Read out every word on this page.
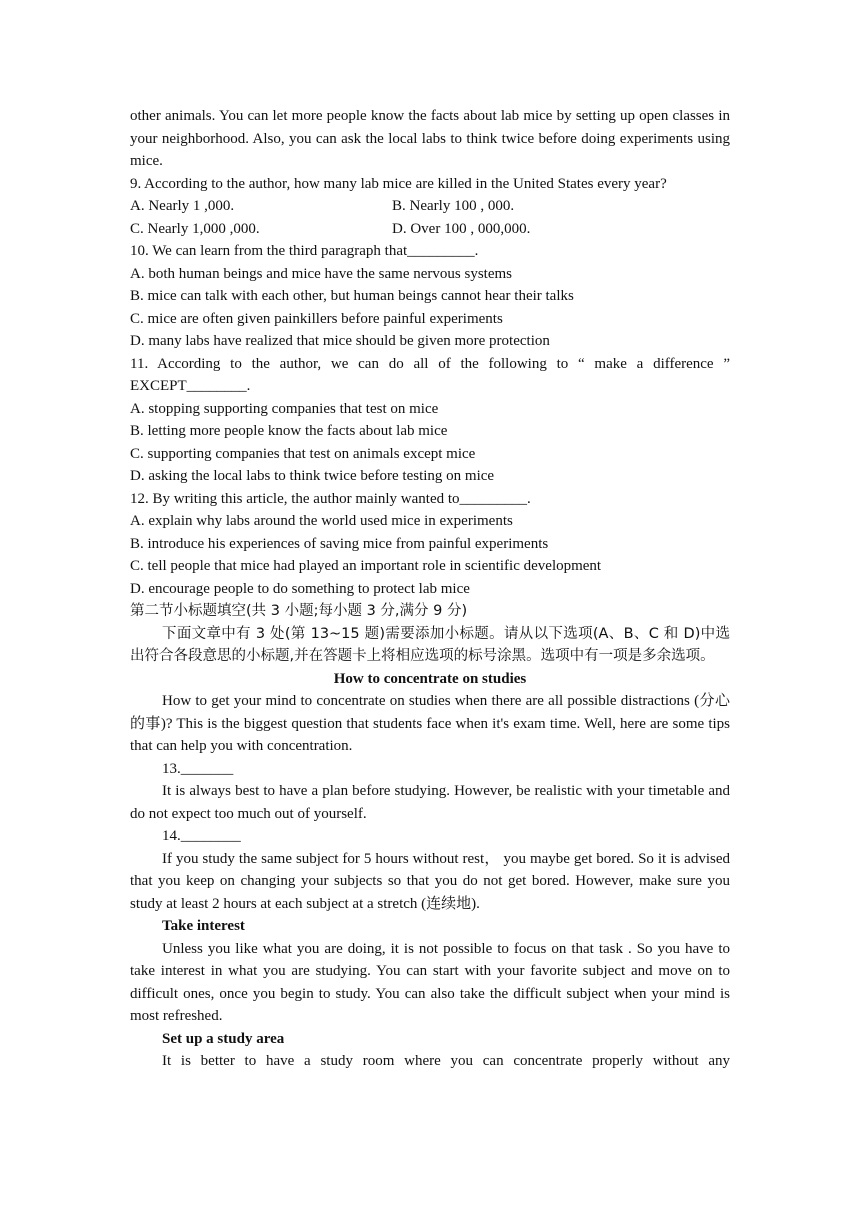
other animals. You can let more people know the facts about lab mice by setting up open classes in your neighborhood. Also, you can ask the local labs to think twice before doing experiments using mice.
9. According to the author, how many lab mice are killed in the United States every year?
A. Nearly 1 ,000.	B. Nearly 100 , 000.
C. Nearly 1,000 ,000.	D. Over 100 , 000,000.
10. We can learn from the third paragraph that_________.
A. both human beings and mice have the same nervous systems
B. mice can talk with each other, but human beings cannot hear their talks
C. mice are often given painkillers before painful experiments
D. many labs have realized that mice should be given more protection
11. According to the author, we can do all of the following to “ make a difference ” EXCEPT________.
A. stopping supporting companies that test on mice
B. letting more people know the facts about lab mice
C. supporting companies that test on animals except mice
D. asking the local labs to think twice before testing on mice
12. By writing this article, the author mainly wanted to_________.
A. explain why labs around the world used mice in experiments
B. introduce his experiences of saving mice from painful experiments
C. tell people that mice had played an important role in scientific development
D. encourage people to do something to protect lab mice
第二节小标题填空(共 3 小题;每小题 3 分,满分 9 分)
下面文章中有 3 处(第 13~15 题)需要添加小标题。请从以下选项(A、B、C 和 D)中选出符合各段意思的小标题,并在答题卡上将相应选项的标号涂黑。选项中有一项是多余选项。
How to concentrate on studies
How to get your mind to concentrate on studies when there are all possible distractions (分心的事)? This is the biggest question that students face when it's exam time. Well, here are some tips that can help you with concentration.
13._______
It is always best to have a plan before studying. However, be realistic with your timetable and do not expect too much out of yourself.
14.________
If you study the same subject for 5 hours without rest， you maybe get bored. So it is advised that you keep on changing your subjects so that you do not get bored. However, make sure you study at least 2 hours at each subject at a stretch (连续地).
Take interest
Unless you like what you are doing, it is not possible to focus on that task . So you have to take interest in what you are studying. You can start with your favorite subject and move on to difficult ones, once you begin to study. You can also take the difficult subject when your mind is most refreshed.
Set up a study area
It is better to have a study room where you can concentrate properly without any
